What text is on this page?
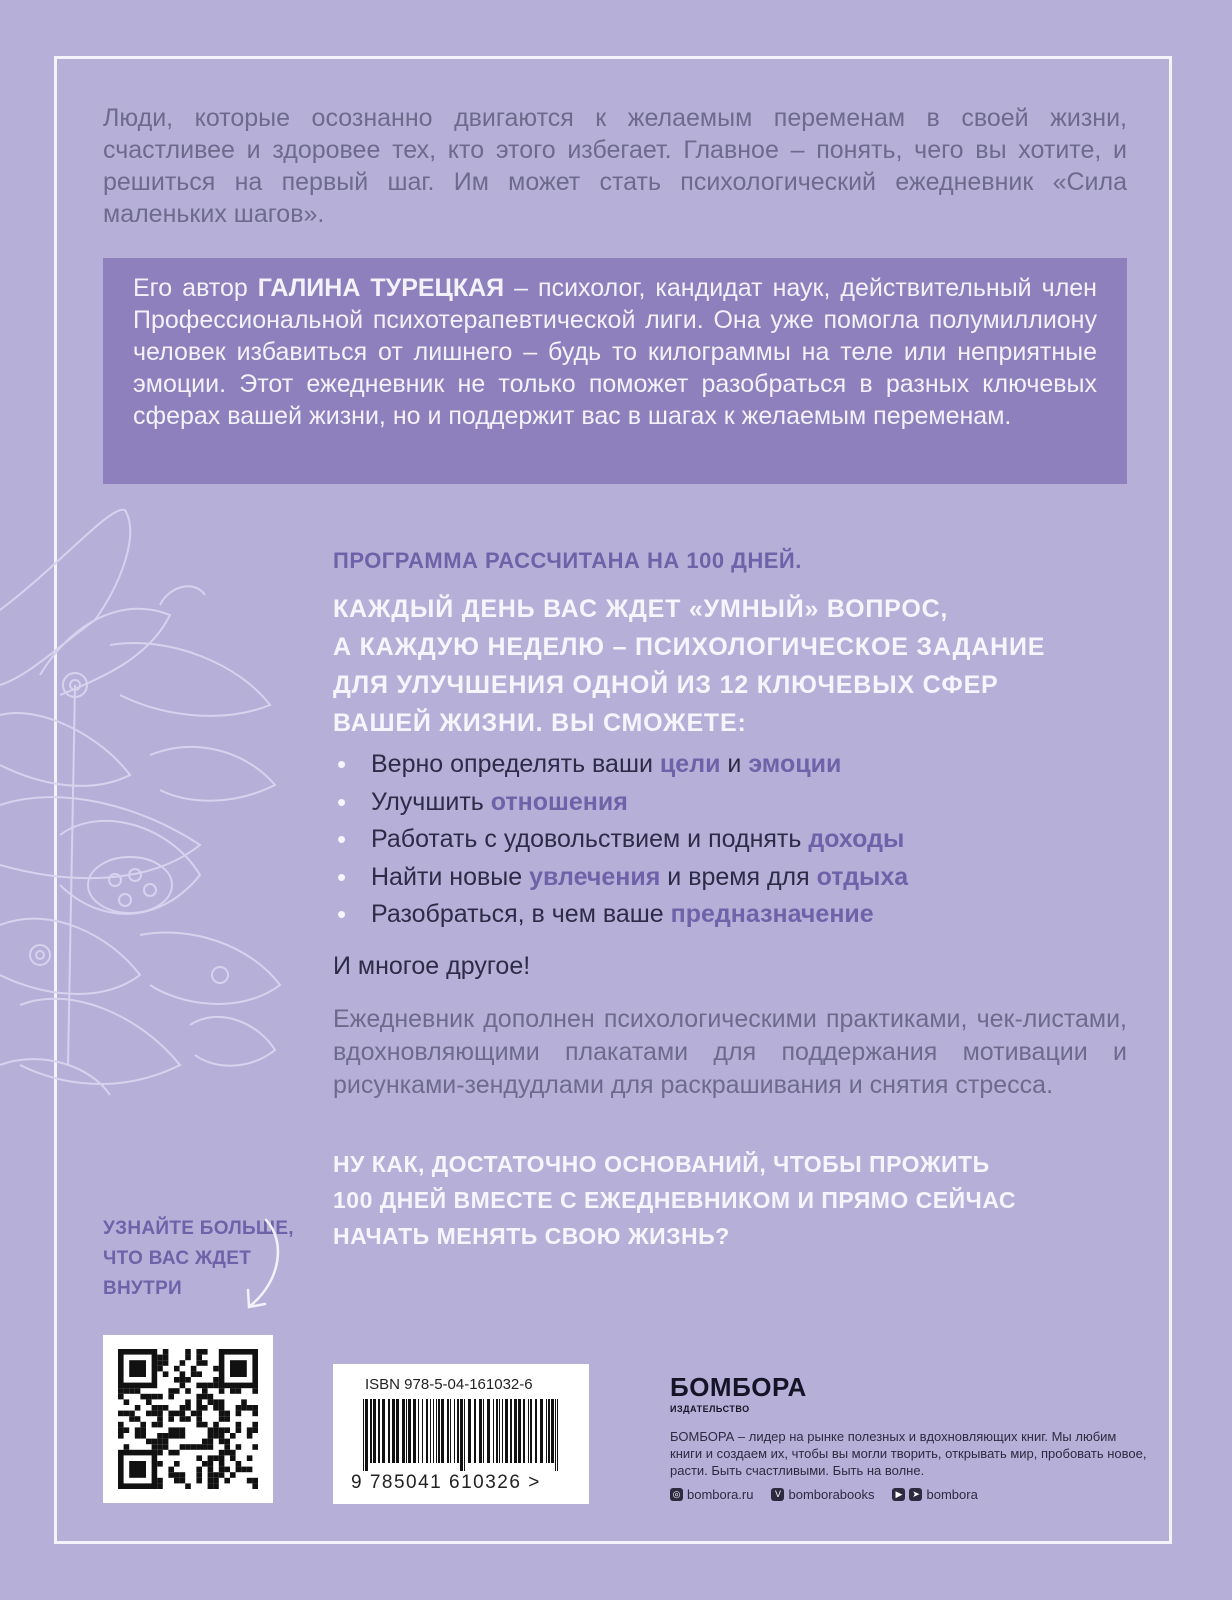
Люди, которые осознанно двигаются к желаемым переменам в своей жизни, счастливее и здоровее тех, кто этого избегает. Главное – понять, чего вы хотите, и решиться на первый шаг. Им может стать психологический ежедневник «Сила маленьких шагов».

Его автор ГАЛИНА ТУРЕЦКАЯ – психолог, кандидат наук, действительный член Профессиональной психотерапевтической лиги. Она уже помогла полумиллиону человек избавиться от лишнего – будь то килограммы на теле или неприятные эмоции. Этот ежедневник не только поможет разобраться в разных ключевых сферах вашей жизни, но и поддержит вас в шагах к желаемым переменам.

ПРОГРАММА РАССЧИТАНА НА 100 ДНЕЙ.

КАЖДЫЙ ДЕНЬ ВАС ЖДЕТ «УМНЫЙ» ВОПРОС,
А КАЖДУЮ НЕДЕЛЮ – ПСИХОЛОГИЧЕСКОЕ ЗАДАНИЕ
ДЛЯ УЛУЧШЕНИЯ ОДНОЙ ИЗ 12 КЛЮЧЕВЫХ СФЕР
ВАШЕЙ ЖИЗНИ. ВЫ СМОЖЕТЕ:

• Верно определять ваши цели и эмоции
• Улучшить отношения
• Работать с удовольствием и поднять доходы
• Найти новые увлечения и время для отдыха
• Разобраться, в чем ваше предназначение

И многое другое!

Ежедневник дополнен психологическими практиками, чек-листами, вдохновляющими плакатами для поддержания мотивации и рисунками-зендудлами для раскрашивания и снятия стресса.

НУ КАК, ДОСТАТОЧНО ОСНОВАНИЙ, ЧТОБЫ ПРОЖИТЬ
100 ДНЕЙ ВМЕСТЕ С ЕЖЕДНЕВНИКОМ И ПРЯМО СЕЙЧАС
НАЧАТЬ МЕНЯТЬ СВОЮ ЖИЗНЬ?

УЗНАЙТЕ БОЛЬШЕ,
ЧТО ВАС ЖДЕТ
ВНУТРИ

ISBN 978-5-04-161032-6

9 785041 610326 >

БОМБОРА

ИЗДАТЕЛЬСТВО

БОМБОРА – лидер на рынке полезных и вдохновляющих книг. Мы любим книги и создаем их, чтобы вы могли творить, открывать мир, пробовать новое, расти. Быть счастливыми. Быть на волне.

◎ bombora.ru	V bomborabooks	▶	➤ bombora
